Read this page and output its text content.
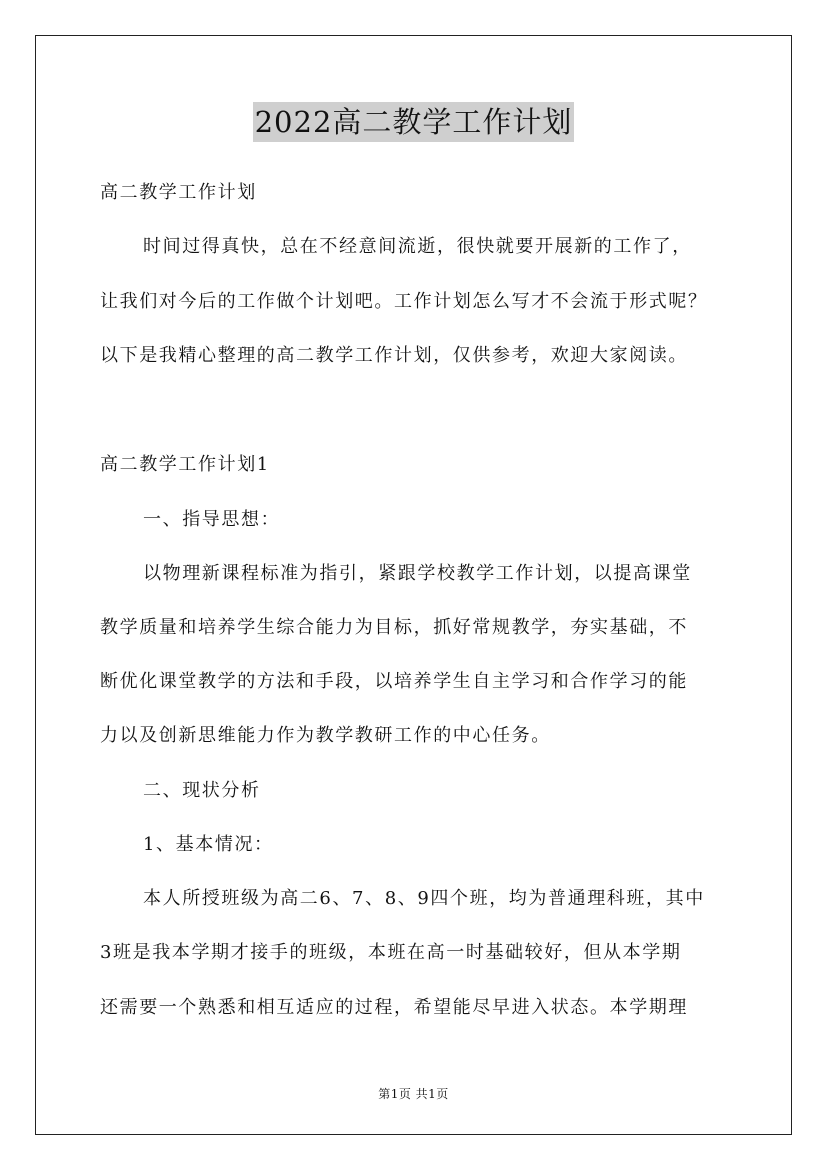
2022高二教学工作计划
高二教学工作计划
时间过得真快，总在不经意间流逝，很快就要开展新的工作了，
让我们对今后的工作做个计划吧。工作计划怎么写才不会流于形式呢？
以下是我精心整理的高二教学工作计划，仅供参考，欢迎大家阅读。
高二教学工作计划1
一、指导思想：
以物理新课程标准为指引，紧跟学校教学工作计划，以提高课堂
教学质量和培养学生综合能力为目标，抓好常规教学，夯实基础，不
断优化课堂教学的方法和手段，以培养学生自主学习和合作学习的能
力以及创新思维能力作为教学教研工作的中心任务。
二、现状分析
1、基本情况：
本人所授班级为高二6、7、8、9四个班，均为普通理科班，其中
3班是我本学期才接手的班级，本班在高一时基础较好，但从本学期
还需要一个熟悉和相互适应的过程，希望能尽早进入状态。本学期理
第1页 共1页
